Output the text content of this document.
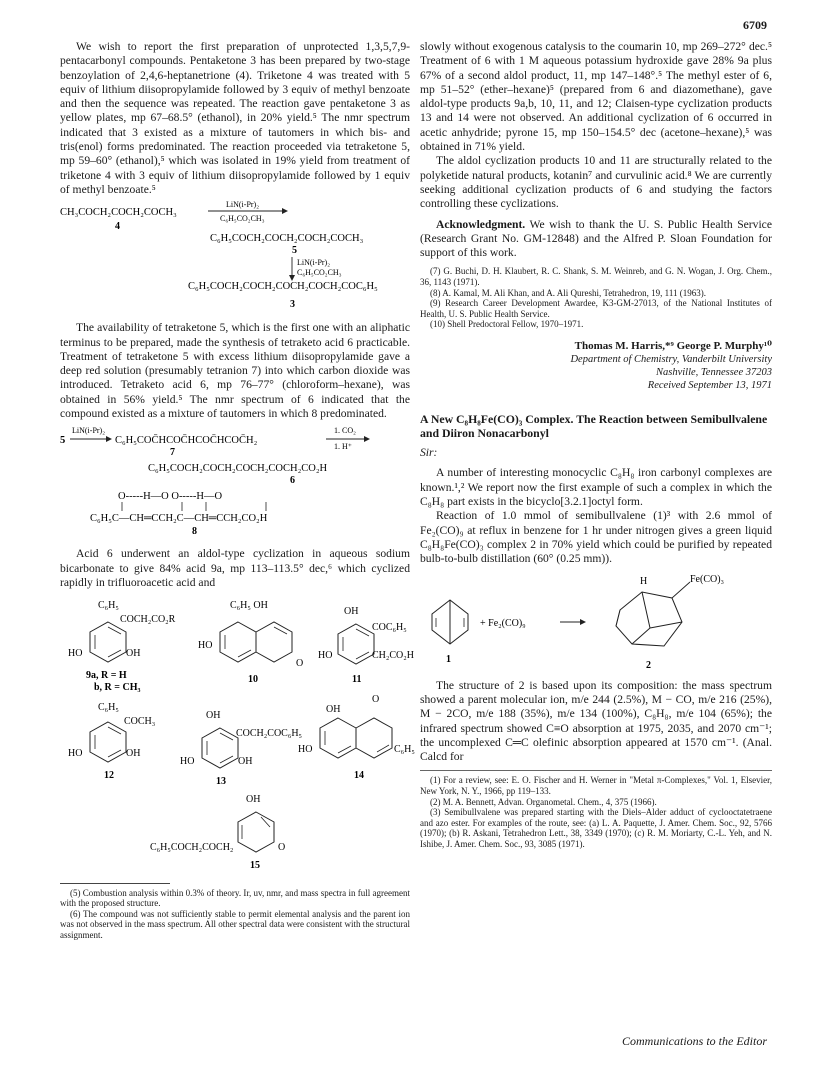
6709

We wish to report the first preparation of unprotected 1,3,5,7,9-pentacarbonyl compounds. Pentaketone 3 has been prepared by two-stage benzoylation of 2,4,6-heptanetrione (4). Triketone 4 was treated with 5 equiv of lithium diisopropylamide followed by 3 equiv of methyl benzoate and then the sequence was repeated. The reaction gave pentaketone 3 as yellow plates, mp 67–68.5° (ethanol), in 20% yield.⁵ The nmr spectrum indicated that 3 existed as a mixture of tautomers in which bis- and tris(enol) forms predominated. The reaction proceeded via tetraketone 5, mp 59–60° (ethanol),⁵ which was isolated in 19% yield from treatment of triketone 4 with 3 equiv of lithium diisopropylamide followed by 1 equiv of methyl benzoate.⁵

CH₃COCH₂COCH₂COCH₃
LiN(i-Pr)₂
C₆H₅CO₂CH₃
4
C₆H₅COCH₂COCH₂COCH₂COCH₃
5
LiN(i-Pr)₂
C₆H₅CO₂CH₃
C₆H₅COCH₂COCH₂COCH₂COCH₂COC₆H₅

3

The availability of tetraketone 5, which is the first one with an aliphatic terminus to be prepared, made the synthesis of tetraketo acid 6 practicable. Treatment of tetraketone 5 with excess lithium diisopropylamide gave a deep red solution (presumably tetranion 7) into which carbon dioxide was introduced. Tetraketo acid 6, mp 76–77° (chloroform–hexane), was obtained in 56% yield.⁵ The nmr spectrum of 6 indicated that the compound existed as a mixture of tautomers in which 8 predominated.

5
LiN(i-Pr)₂
C₆H₅COC̄HCOC̄HCOC̄HCOC̄H₂
1. CO₂
1. H⁺
7
C₆H₅COCH₂COCH₂COCH₂COCH₂CO₂H
6
O-----H—O O-----H—O
C₆H₅C—CH═CCH₂C—CH═CCH₂CO₂H
8

Acid 6 underwent an aldol-type cyclization in aqueous sodium bicarbonate to give 84% acid 9a, mp 113–113.5° dec,⁶ which cyclized rapidly in trifluoroacetic acid and

C₆H₅
COCH₂CO₂R
HO	OH
9a, R = H
b, R = CH₃
C₆H₅ OH
HO
O
10
OH
COC₆H₅
CH₂CO₂H
HO
11
C₆H₅
COCH₃
HO	OH
12
OH
COCH₂COC₆H₅
HO	OH
13
O
OH
HO	C₆H₅
14
OH
C₆H₅COCH₂COCH₂	O
15

(5) Combustion analysis within 0.3% of theory. Ir, uv, nmr, and mass spectra in full agreement with the proposed structure.

(6) The compound was not sufficiently stable to permit elemental analysis and the parent ion was not observed in the mass spectrum. All other spectral data were consistent with the structural assignment.

slowly without exogenous catalysis to the coumarin 10, mp 269–272° dec.⁵ Treatment of 6 with 1 M aqueous potassium hydroxide gave 28% 9a plus 67% of a second aldol product, 11, mp 147–148°.⁵ The methyl ester of 6, mp 51–52° (ether–hexane)⁵ (prepared from 6 and diazomethane), gave aldol-type products 9a,b, 10, 11, and 12; Claisen-type cyclization products 13 and 14 were not observed. An additional cyclization of 6 occurred in acetic anhydride; pyrone 15, mp 150–154.5° dec (acetone–hexane),⁵ was obtained in 71% yield.

The aldol cyclization products 10 and 11 are structurally related to the polyketide natural products, kotanin⁷ and curvulinic acid.⁸ We are currently seeking additional cyclization products of 6 and studying the factors controlling these cyclizations.

Acknowledgment. We wish to thank the U. S. Public Health Service (Research Grant No. GM-12848) and the Alfred P. Sloan Foundation for support of this work.

(7) G. Buchi, D. H. Klaubert, R. C. Shank, S. M. Weinreb, and G. N. Wogan, J. Org. Chem., 36, 1143 (1971).

(8) A. Kamal, M. Ali Khan, and A. Ali Qureshi, Tetrahedron, 19, 111 (1963).

(9) Research Career Development Awardee, K3-GM-27013, of the National Institutes of Health, U. S. Public Health Service.

(10) Shell Predoctoral Fellow, 1970–1971.

Thomas M. Harris,*⁹ George P. Murphy¹⁰
Department of Chemistry, Vanderbilt University
Nashville, Tennessee 37203
Received September 13, 1971
A New C₈H₈Fe(CO)₃ Complex. The Reaction between Semibullvalene and Diiron Nonacarbonyl
Sir:

A number of interesting monocyclic C₈H₈ iron carbonyl complexes are known.¹,² We report now the first example of such a complex in which the C₈H₈ part exists in the bicyclo[3.2.1]octyl form.

Reaction of 1.0 mmol of semibullvalene (1)³ with 2.6 mmol of Fe₂(CO)₉ at reflux in benzene for 1 hr under nitrogen gives a green liquid C₈H₈Fe(CO)₃ complex 2 in 70% yield which could be purified by repeated bulb-to-bulb distillation (60° (0.25 mm)).

1
+ Fe₂(CO)₉
H	Fe(CO)₃
2

The structure of 2 is based upon its composition: the mass spectrum showed a parent molecular ion, m/e 244 (2.5%), M − CO, m/e 216 (25%), M − 2CO, m/e 188 (35%), m/e 134 (100%), C₈H₈, m/e 104 (65%); the infrared spectrum showed C≡O absorption at 1975, 2035, and 2070 cm⁻¹; the uncomplexed C═C olefinic absorption appeared at 1570 cm⁻¹. (Anal. Calcd for

(1) For a review, see: E. O. Fischer and H. Werner in "Metal π-Complexes," Vol. 1, Elsevier, New York, N. Y., 1966, pp 119–133.

(2) M. A. Bennett, Advan. Organometal. Chem., 4, 375 (1966).

(3) Semibullvalene was prepared starting with the Diels–Alder adduct of cyclooctatetraene and azo ester. For examples of the route, see: (a) L. A. Paquette, J. Amer. Chem. Soc., 92, 5766 (1970); (b) R. Askani, Tetrahedron Lett., 38, 3349 (1970); (c) R. M. Moriarty, C.-L. Yeh, and N. Ishibe, J. Amer. Chem. Soc., 93, 3085 (1971).

Communications to the Editor
